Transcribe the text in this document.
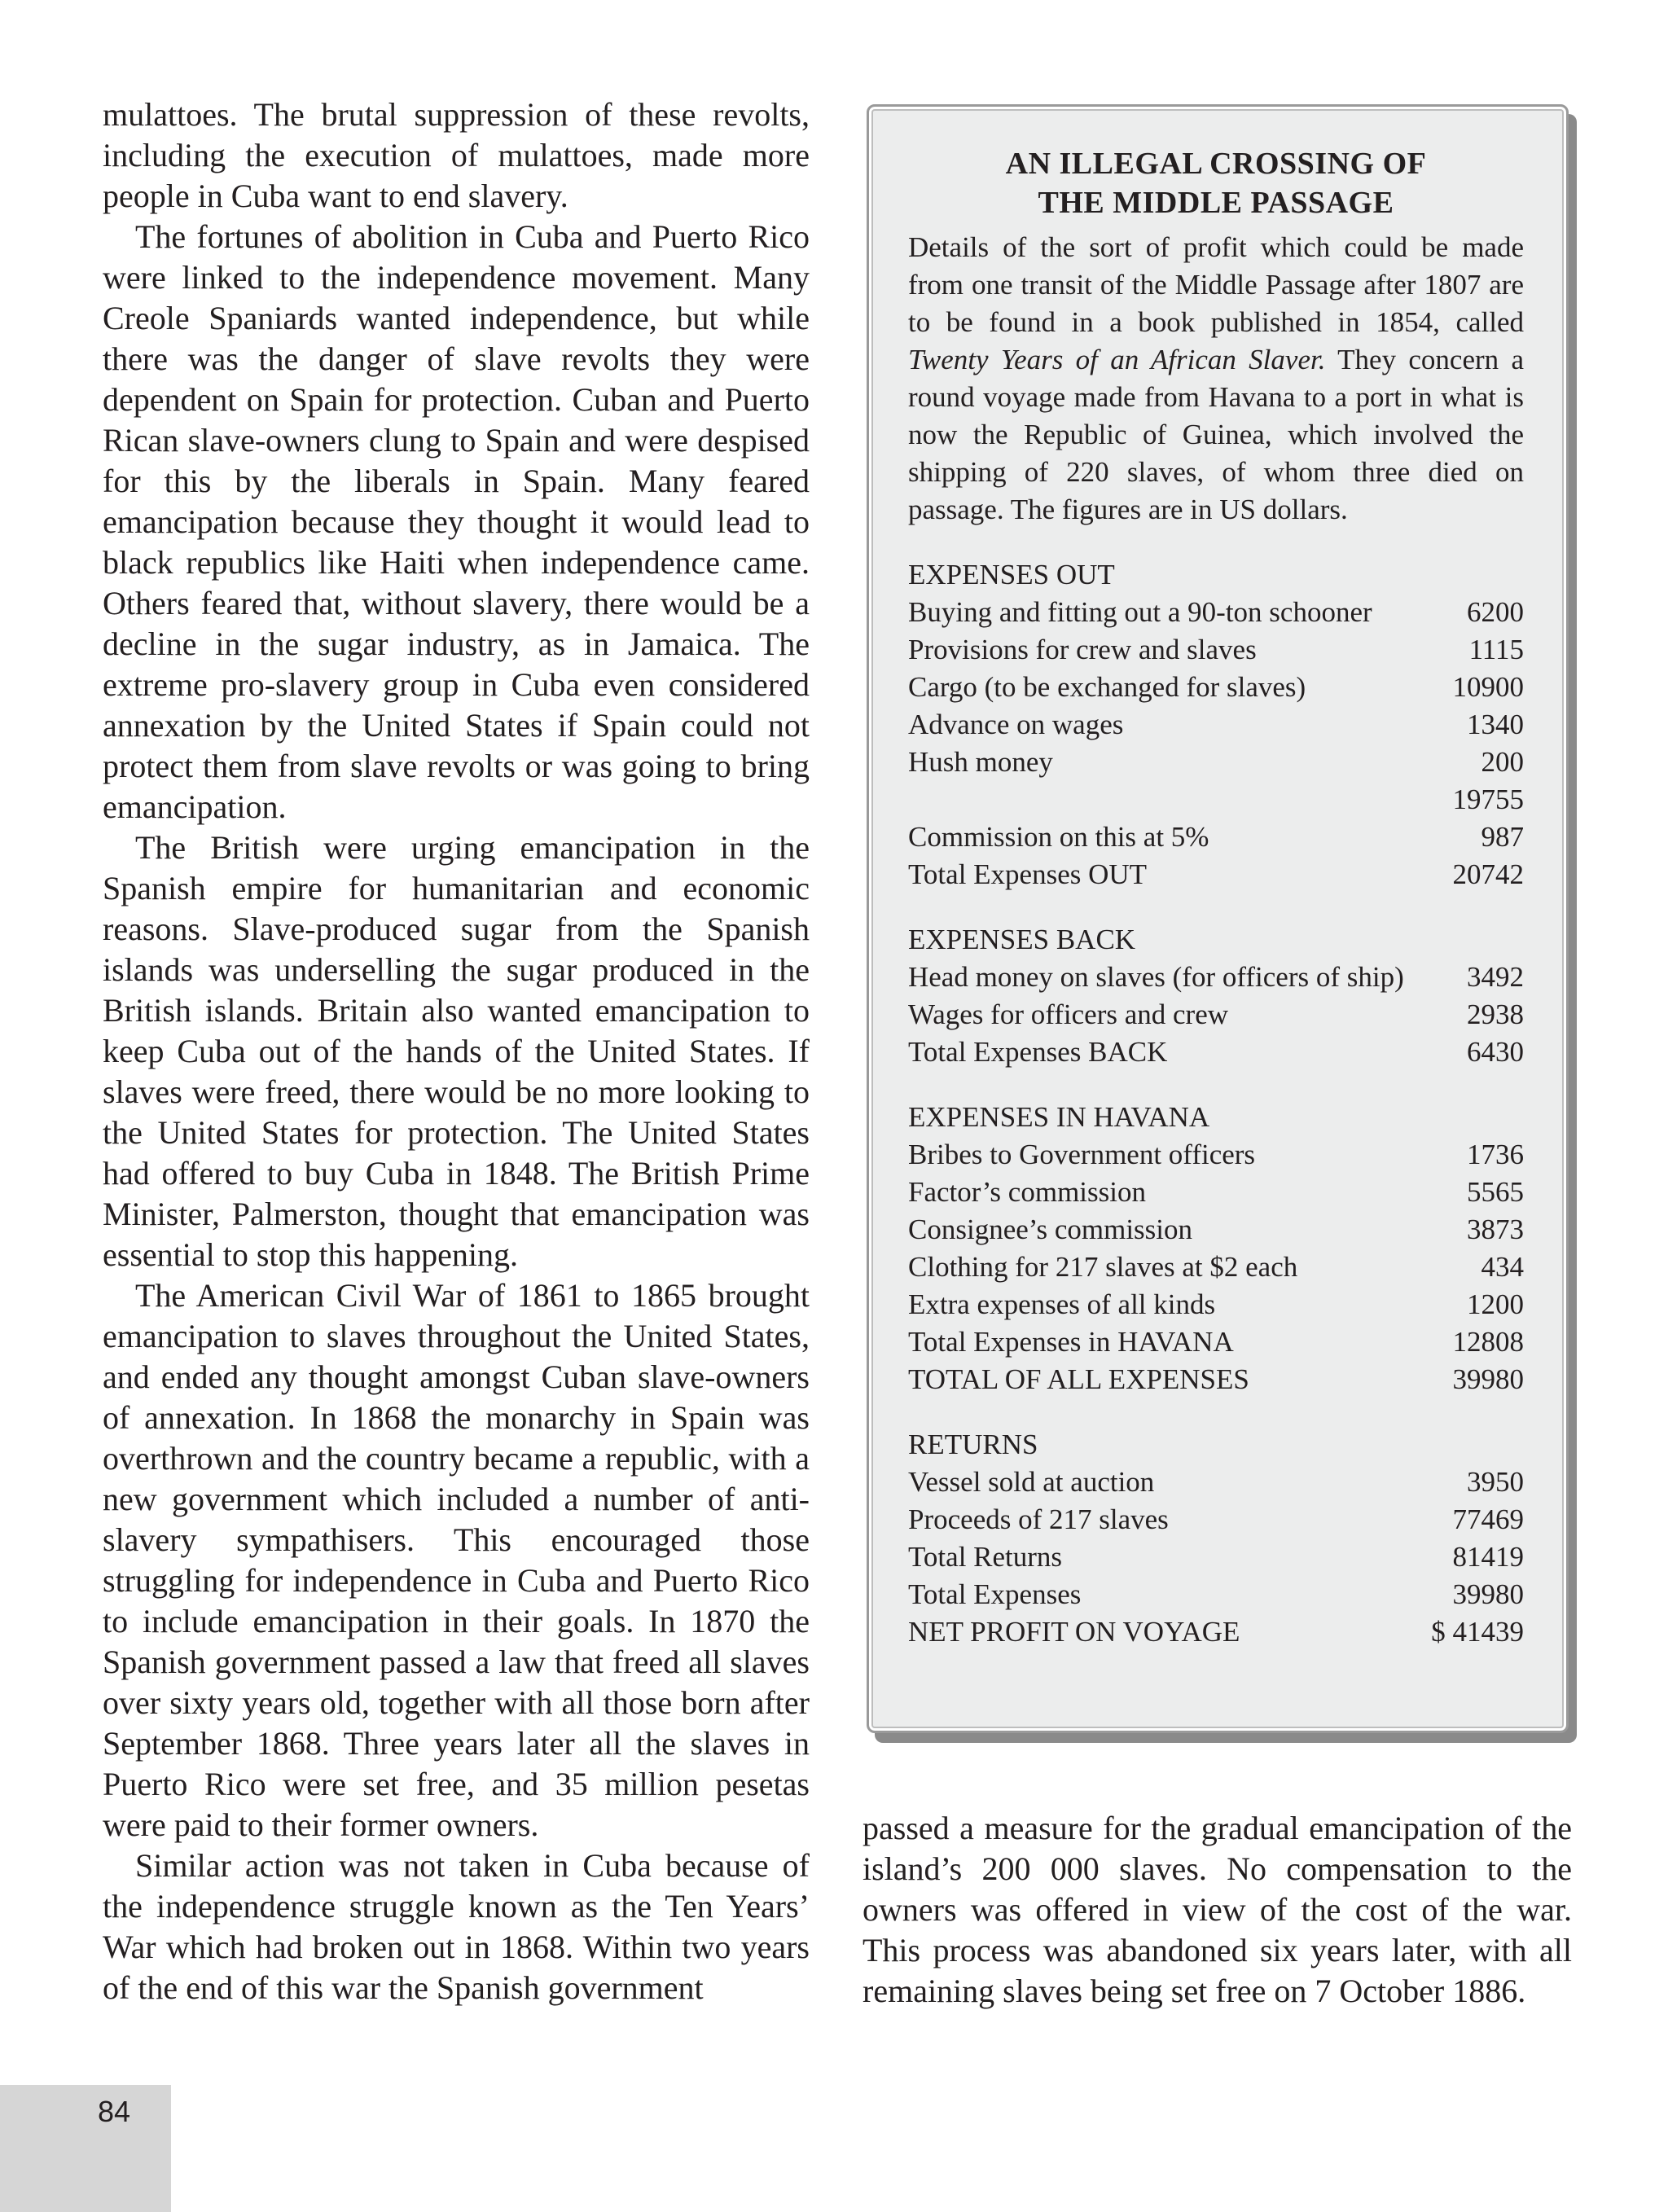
mulattoes. The brutal suppression of these revolts, including the execution of mulattoes, made more people in Cuba want to end slavery.

The fortunes of abolition in Cuba and Puerto Rico were linked to the independence movement. Many Creole Spaniards wanted independence, but while there was the danger of slave revolts they were dependent on Spain for protection. Cuban and Puerto Rican slave-owners clung to Spain and were despised for this by the liberals in Spain. Many feared emancipation because they thought it would lead to black republics like Haiti when independence came. Others feared that, without slavery, there would be a decline in the sugar industry, as in Jamaica. The extreme pro-slavery group in Cuba even considered annexation by the United States if Spain could not protect them from slave revolts or was going to bring emancipation.

The British were urging emancipation in the Spanish empire for humanitarian and economic reasons. Slave-produced sugar from the Spanish islands was underselling the sugar produced in the British islands. Britain also wanted emancipation to keep Cuba out of the hands of the United States. If slaves were freed, there would be no more looking to the United States for protection. The United States had offered to buy Cuba in 1848. The British Prime Minister, Palmerston, thought that emancipation was essential to stop this happening.

The American Civil War of 1861 to 1865 brought emancipation to slaves throughout the United States, and ended any thought amongst Cuban slave-owners of annexation. In 1868 the monarchy in Spain was overthrown and the country became a republic, with a new government which included a number of anti-slavery sympathisers. This encouraged those struggling for independence in Cuba and Puerto Rico to include emancipation in their goals. In 1870 the Spanish government passed a law that freed all slaves over sixty years old, together with all those born after September 1868. Three years later all the slaves in Puerto Rico were set free, and 35 million pesetas were paid to their former owners.

Similar action was not taken in Cuba because of the independence struggle known as the Ten Years’ War which had broken out in 1868. Within two years of the end of this war the Spanish government

AN ILLEGAL CROSSING OF
THE MIDDLE PASSAGE

Details of the sort of profit which could be made from one transit of the Middle Passage after 1807 are to be found in a book published in 1854, called Twenty Years of an African Slaver. They concern a round voyage made from Havana to a port in what is now the Republic of Guinea, which involved the shipping of 220 slaves, of whom three died on passage. The figures are in US dollars.

EXPENSES OUT

Buying and fitting out a 90-ton schooner	6200
Provisions for crew and slaves	1115
Cargo (to be exchanged for slaves)	10900
Advance on wages	1340
Hush money	200
19755
Commission on this at 5%	987
Total Expenses OUT	20742

EXPENSES BACK

Head money on slaves (for officers of ship) 3492
Wages for officers and crew	2938
Total Expenses BACK	6430

EXPENSES IN HAVANA

Bribes to Government officers	1736
Factor’s commission	5565
Consignee’s commission	3873
Clothing for 217 slaves at $2 each	434
Extra expenses of all kinds	1200
Total Expenses in HAVANA	12808
TOTAL OF ALL EXPENSES	39980

RETURNS

Vessel sold at auction	3950
Proceeds of 217 slaves	77469
Total Returns	81419
Total Expenses	39980
NET PROFIT ON VOYAGE	$ 41439

passed a measure for the gradual emancipation of the island’s 200 000 slaves. No compensation to the owners was offered in view of the cost of the war. This process was abandoned six years later, with all remaining slaves being set free on 7 October 1886.

84
